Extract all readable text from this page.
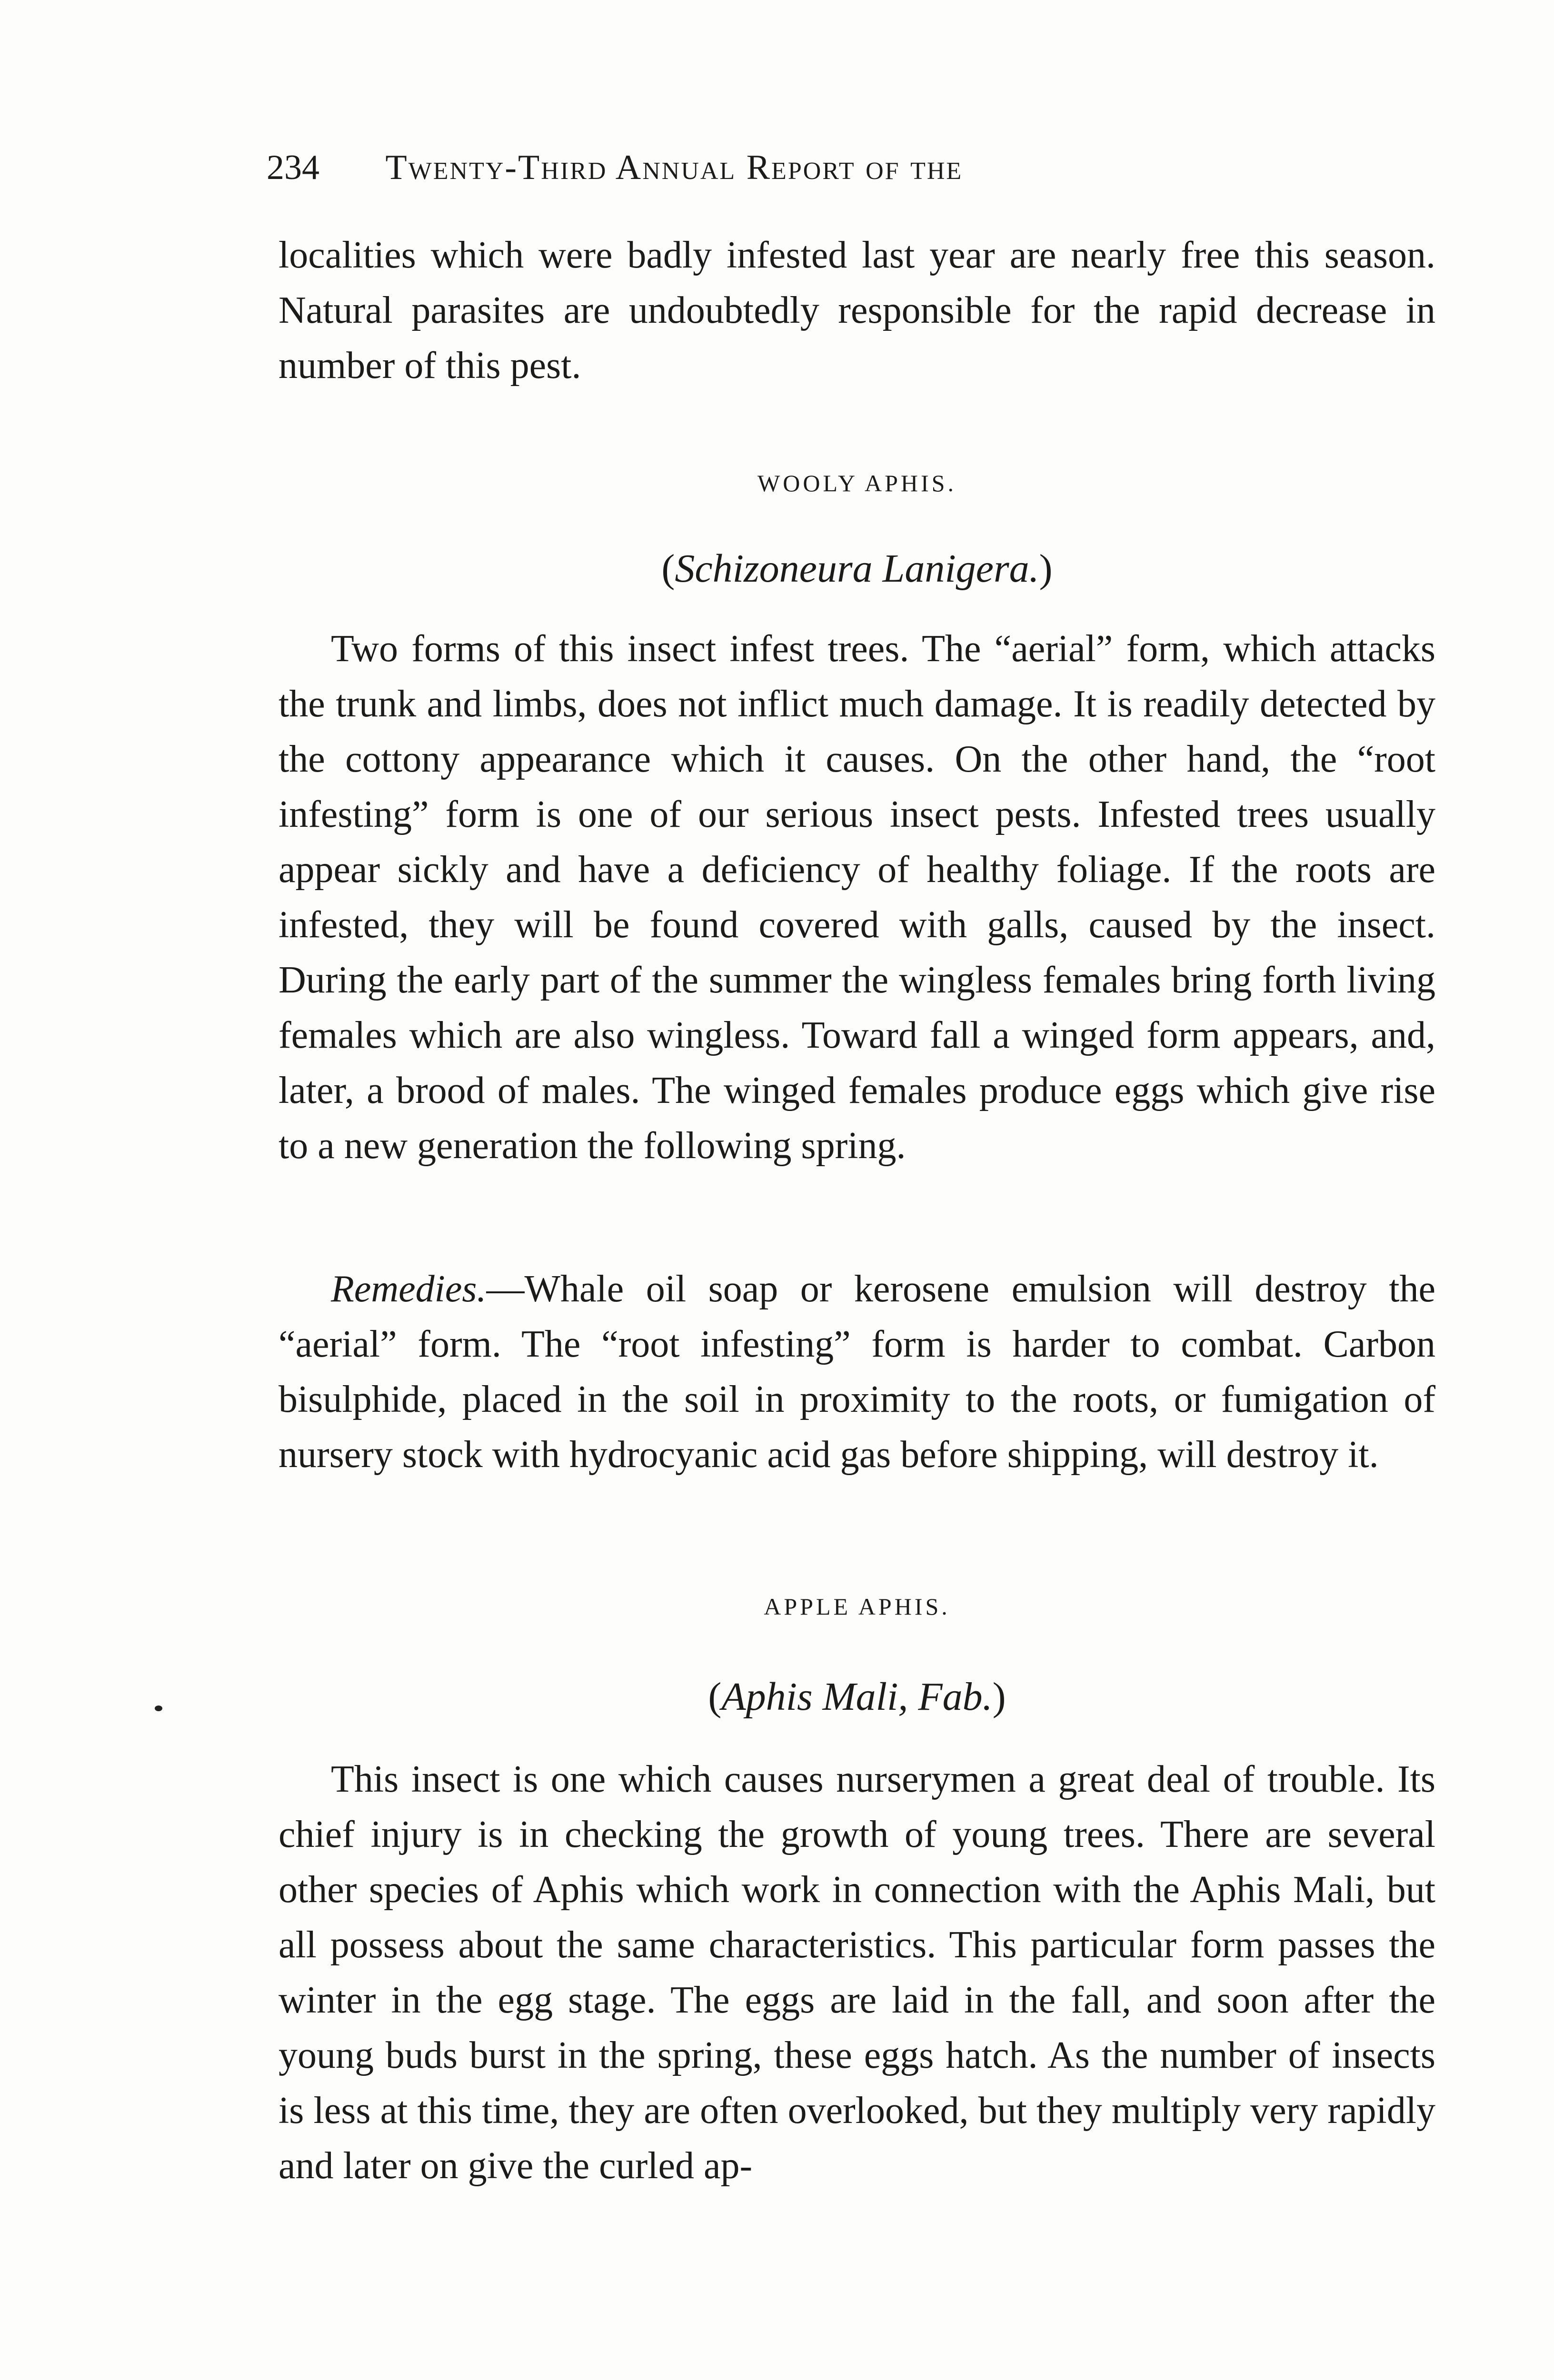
234 Twenty-Third Annual Report of the

localities which were badly infested last year are nearly free this season. Natural parasites are undoubtedly responsible for the rapid decrease in number of this pest.

WOOLY APHIS.
(Schizoneura Lanigera.)

Two forms of this insect infest trees. The “aerial” form, which attacks the trunk and limbs, does not inflict much damage. It is readily detected by the cottony appearance which it causes. On the other hand, the “root infesting” form is one of our serious insect pests. Infested trees usually appear sickly and have a deficiency of healthy foliage. If the roots are infested, they will be found covered with galls, caused by the insect. During the early part of the summer the wingless females bring forth living females which are also wingless. Toward fall a winged form appears, and, later, a brood of males. The winged females produce eggs which give rise to a new generation the following spring.

Remedies.—Whale oil soap or kerosene emulsion will destroy the “aerial” form. The “root infesting” form is harder to combat. Carbon bisulphide, placed in the soil in proximity to the roots, or fumigation of nursery stock with hydrocyanic acid gas before shipping, will destroy it.

APPLE APHIS.
(Aphis Mali, Fab.)

This insect is one which causes nurserymen a great deal of trouble. Its chief injury is in checking the growth of young trees. There are several other species of Aphis which work in connection with the Aphis Mali, but all possess about the same characteristics. This particular form passes the winter in the egg stage. The eggs are laid in the fall, and soon after the young buds burst in the spring, these eggs hatch. As the number of insects is less at this time, they are often overlooked, but they multiply very rapidly and later on give the curled ap-
